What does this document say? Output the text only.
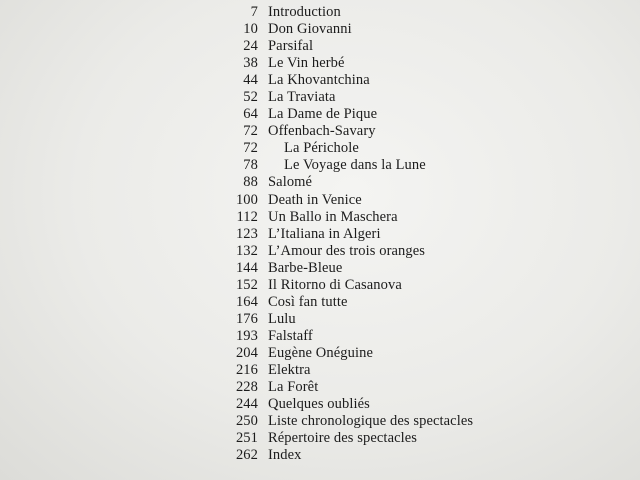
7 Introduction
10 Don Giovanni
24 Parsifal
38 Le Vin herbé
44 La Khovantchina
52 La Traviata
64 La Dame de Pique
72 Offenbach-Savary
72	La Périchole
78	Le Voyage dans la Lune
88 Salomé
100 Death in Venice
112 Un Ballo in Maschera
123 L’Italiana in Algeri
132 L’Amour des trois oranges
144 Barbe-Bleue
152 Il Ritorno di Casanova
164 Così fan tutte
176 Lulu
193 Falstaff
204 Eugène Onéguine
216 Elektra
228 La Forêt
244 Quelques oubliés
250 Liste chronologique des spectacles
251 Répertoire des spectacles
262 Index
